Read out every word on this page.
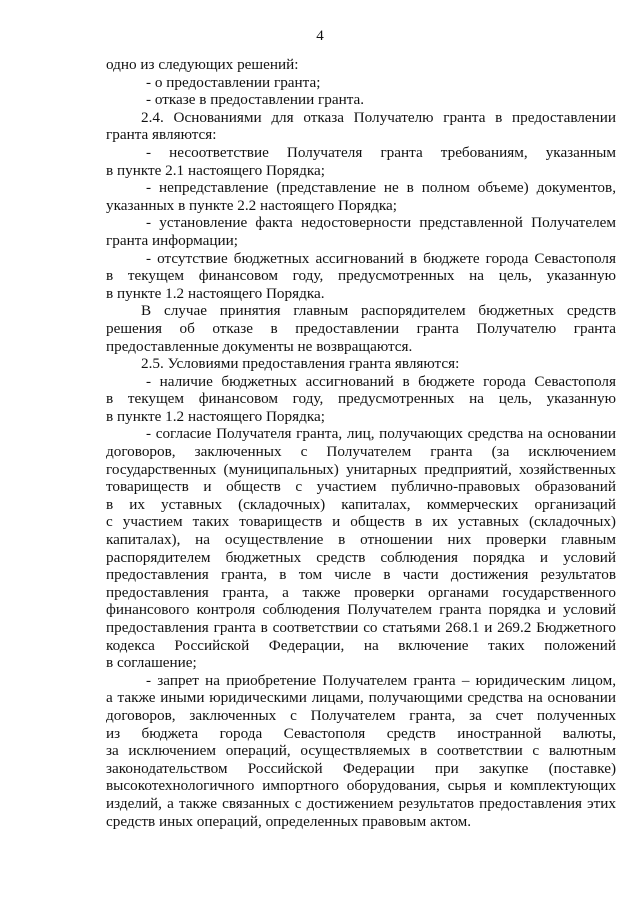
4
одно из следующих решений:
- о предоставлении гранта;
- отказе в предоставлении гранта.
2.4. Основаниями для отказа Получателю гранта в предоставлении
гранта являются:
- несоответствие Получателя гранта требованиям, указанным
в пункте 2.1 настоящего Порядка;
- непредставление (представление не в полном объеме) документов,
указанных в пункте 2.2 настоящего Порядка;
- установление факта недостоверности представленной Получателем
гранта информации;
- отсутствие бюджетных ассигнований в бюджете города Севастополя
в текущем финансовом году, предусмотренных на цель, указанную
в пункте 1.2 настоящего Порядка.
В случае принятия главным распорядителем бюджетных средств
решения об отказе в предоставлении гранта Получателю гранта
предоставленные документы не возвращаются.
2.5. Условиями предоставления гранта являются:
- наличие бюджетных ассигнований в бюджете города Севастополя
в текущем финансовом году, предусмотренных на цель, указанную
в пункте 1.2 настоящего Порядка;
- согласие Получателя гранта, лиц, получающих средства на основании
договоров, заключенных с Получателем гранта (за исключением
государственных (муниципальных) унитарных предприятий, хозяйственных
товариществ и обществ с участием публично-правовых образований
в их уставных (складочных) капиталах, коммерческих организаций
с участием таких товариществ и обществ в их уставных (складочных)
капиталах), на осуществление в отношении них проверки главным
распорядителем бюджетных средств соблюдения порядка и условий
предоставления гранта, в том числе в части достижения результатов
предоставления гранта, а также проверки органами государственного
финансового контроля соблюдения Получателем гранта порядка и условий
предоставления гранта в соответствии со статьями 268.1 и 269.2 Бюджетного
кодекса Российской Федерации, на включение таких положений
в соглашение;
- запрет на приобретение Получателем гранта – юридическим лицом,
а также иными юридическими лицами, получающими средства на основании
договоров, заключенных с Получателем гранта, за счет полученных
из бюджета города Севастополя средств иностранной валюты,
за исключением операций, осуществляемых в соответствии с валютным
законодательством Российской Федерации при закупке (поставке)
высокотехнологичного импортного оборудования, сырья и комплектующих
изделий, а также связанных с достижением результатов предоставления этих
средств иных операций, определенных правовым актом.
